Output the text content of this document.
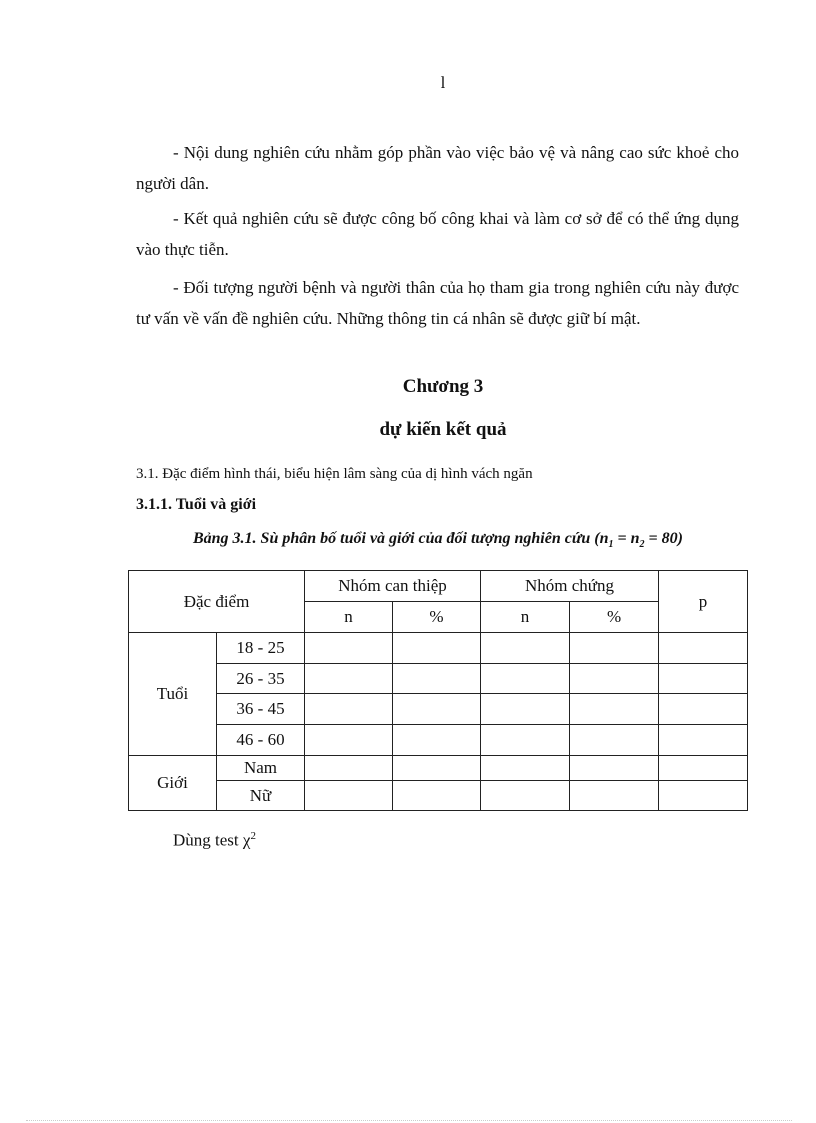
l

- Nội dung nghiên cứu nhằm góp phần vào việc bảo vệ và nâng cao sức khoẻ cho người dân.

- Kết quả nghiên cứu sẽ được công bố công khai và làm cơ sở để có thể ứng dụng vào thực tiễn.

- Đối tượng người bệnh và người thân của họ tham gia trong nghiên cứu này được tư vấn về vấn đề nghiên cứu. Những thông tin cá nhân sẽ được giữ bí mật.

Chương 3
dự kiến kết quả
3.1. Đặc điểm hình thái, biểu hiện lâm sàng của dị hình vách ngăn
3.1.1. Tuổi và giới
Bảng 3.1. Sù phân bố tuổi và giới của đối tượng nghiên cứu $(n_1 = n_2 = 80)$
Đặc điểm		Nhóm can thiệp		Nhóm chứng		p
		n	%	n	%	
Tuổi	18 - 25					
	26 - 35					
	36 - 45					
	46 - 60					
Giới	Nam					
	Nữ					
Dùng test $\chi^2$
